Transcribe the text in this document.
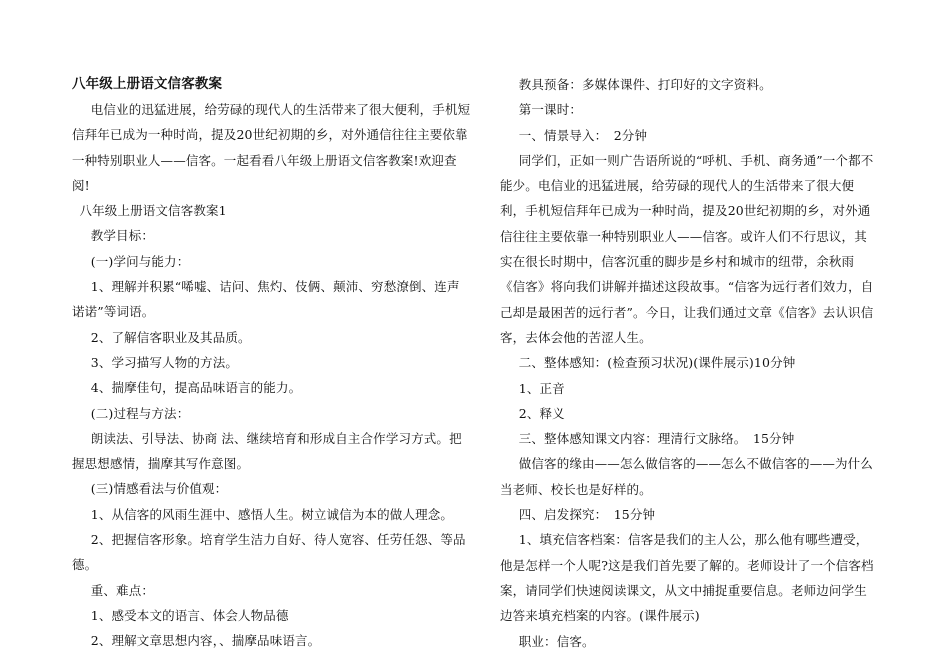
八年级上册语文信客教案

电信业的迅猛进展，给劳碌的现代人的生活带来了很大便利，手机短信拜年已成为一种时尚，提及20世纪初期的乡，对外通信往往主要依靠一种特别职业人——信客。一起看看八年级上册语文信客教案!欢迎查阅!

八年级上册语文信客教案1

教学目标：

(一)学问与能力：

1、理解并积累“唏嘘、诘问、焦灼、伎俩、颠沛、穷愁潦倒、连声诺诺”等词语。

2、了解信客职业及其品质。

3、学习描写人物的方法。

4、揣摩佳句，提高品味语言的能力。

(二)过程与方法：

朗读法、引导法、协商 法、继续培育和形成自主合作学习方式。把握思想感情，揣摩其写作意图。

(三)情感看法与价值观：

1、从信客的风雨生涯中、感悟人生。树立诚信为本的做人理念。

2、把握信客形象。培育学生洁力自好、待人宽容、任劳任怨、等品德。

重、难点：

1、感受本文的语言、体会人物品德

2、理解文章思想内容，、揣摩品味语言。

教具预备：多媒体课件、打印好的文字资料。

第一课时：

一、情景导入：　2分钟

同学们，正如一则广告语所说的“呼机、手机、商务通”一个都不能少。电信业的迅猛进展，给劳碌的现代人的生活带来了很大便利，手机短信拜年已成为一种时尚，提及20世纪初期的乡，对外通信往往主要依靠一种特别职业人——信客。或许人们不行思议，其实在很长时期中，信客沉重的脚步是乡村和城市的纽带，余秋雨《信客》将向我们讲解并描述这段故事。“信客为远行者们效力，自己却是最困苦的远行者”。今日，让我们通过文章《信客》去认识信客，去体会他的苦涩人生。

二、整体感知：(检查预习状况)(课件展示)10分钟

1、正音

2、释义

三、整体感知课文内容：理清行文脉络。　15分钟

做信客的缘由——怎么做信客的——怎么不做信客的——为什么当老师、校长也是好样的。

四、启发探究：　15分钟

1、填充信客档案：信客是我们的主人公，那么他有哪些遭受，他是怎样一个人呢?这是我们首先要了解的。老师设计了一个信客档案，请同学们快速阅读课文，从文中捕捉重要信息。老师边问学生边答来填充档案的内容。(课件展示)

职业：信客。
